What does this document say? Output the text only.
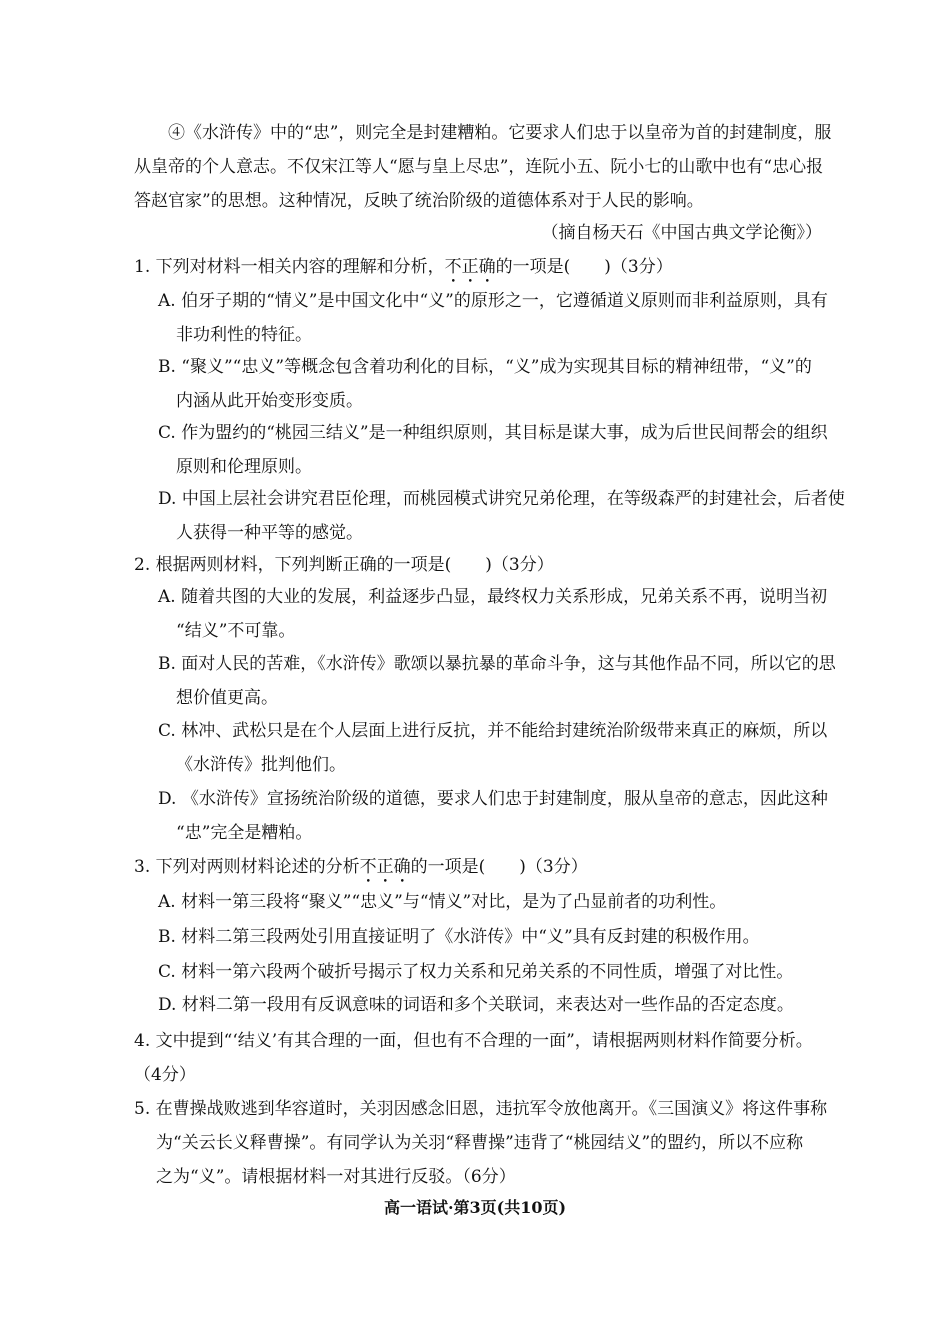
④《水浒传》中的“忠”，则完全是封建糟粕。它要求人们忠于以皇帝为首的封建制度，服
从皇帝的个人意志。不仅宋江等人“愿与皇上尽忠”，连阮小五、阮小七的山歌中也有“忠心报
答赵官家”的思想。这种情况，反映了统治阶级的道德体系对于人民的影响。
（摘自杨天石《中国古典文学论衡》）
1. 下列对材料一相关内容的理解和分析，不正确的一项是(　　)（3分）
A. 伯牙子期的“情义”是中国文化中“义”的原形之一，它遵循道义原则而非利益原则，具有
非功利性的特征。
B. “聚义”“忠义”等概念包含着功利化的目标，“义”成为实现其目标的精神纽带，“义”的
内涵从此开始变形变质。
C. 作为盟约的“桃园三结义”是一种组织原则，其目标是谋大事，成为后世民间帮会的组织
原则和伦理原则。
D. 中国上层社会讲究君臣伦理，而桃园模式讲究兄弟伦理，在等级森严的封建社会，后者使
人获得一种平等的感觉。
2. 根据两则材料，下列判断正确的一项是(　　)（3分）
A. 随着共图的大业的发展，利益逐步凸显，最终权力关系形成，兄弟关系不再，说明当初
“结义”不可靠。
B. 面对人民的苦难，《水浒传》歌颂以暴抗暴的革命斗争，这与其他作品不同，所以它的思
想价值更高。
C. 林冲、武松只是在个人层面上进行反抗，并不能给封建统治阶级带来真正的麻烦，所以
《水浒传》批判他们。
D. 《水浒传》宣扬统治阶级的道德，要求人们忠于封建制度，服从皇帝的意志，因此这种
“忠”完全是糟粕。
3. 下列对两则材料论述的分析不正确的一项是(　　)（3分）
A. 材料一第三段将“聚义”“忠义”与“情义”对比，是为了凸显前者的功利性。
B. 材料二第三段两处引用直接证明了《水浒传》中“义”具有反封建的积极作用。
C. 材料一第六段两个破折号揭示了权力关系和兄弟关系的不同性质，增强了对比性。
D. 材料二第一段用有反讽意味的词语和多个关联词，来表达对一些作品的否定态度。
4. 文中提到“‘结义’有其合理的一面，但也有不合理的一面”，请根据两则材料作简要分析。
（4分）
5. 在曹操战败逃到华容道时，关羽因感念旧恩，违抗军令放他离开。《三国演义》将这件事称
为“关云长义释曹操”。有同学认为关羽“释曹操”违背了“桃园结义”的盟约，所以不应称
之为“义”。请根据材料一对其进行反驳。（6分）
高一语试·第3页(共10页)
